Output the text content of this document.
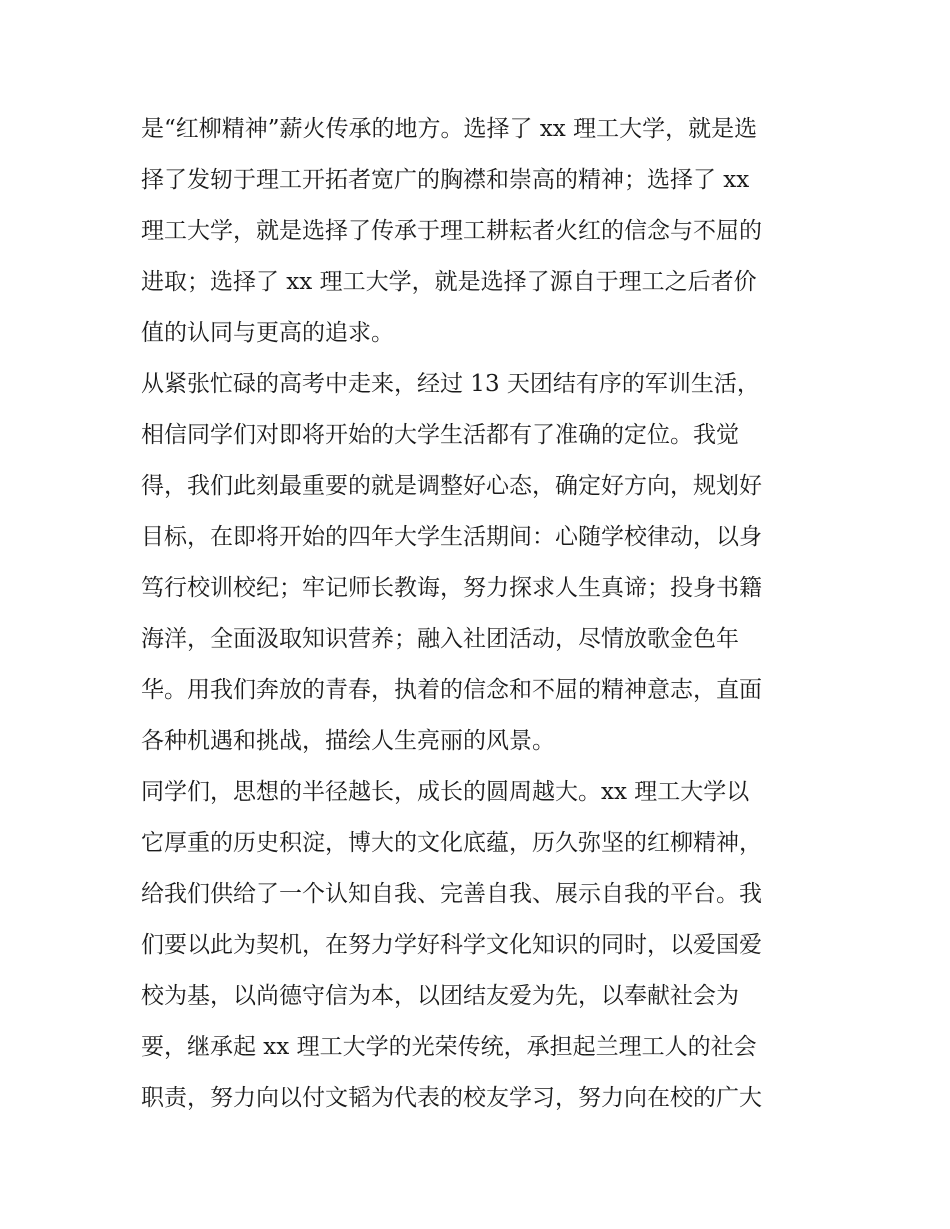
是“红柳精神”薪火传承的地方。选择了 xx 理工大学，就是选
择了发轫于理工开拓者宽广的胸襟和崇高的精神；选择了 xx
理工大学，就是选择了传承于理工耕耘者火红的信念与不屈的
进取；选择了 xx 理工大学，就是选择了源自于理工之后者价
值的认同与更高的追求。
从紧张忙碌的高考中走来，经过 13 天团结有序的军训生活，
相信同学们对即将开始的大学生活都有了准确的定位。我觉
得，我们此刻最重要的就是调整好心态，确定好方向，规划好
目标，在即将开始的四年大学生活期间：心随学校律动，以身
笃行校训校纪；牢记师长教诲，努力探求人生真谛；投身书籍
海洋，全面汲取知识营养；融入社团活动，尽情放歌金色年
华。用我们奔放的青春，执着的信念和不屈的精神意志，直面
各种机遇和挑战，描绘人生亮丽的风景。
同学们，思想的半径越长，成长的圆周越大。xx 理工大学以
它厚重的历史积淀，博大的文化底蕴，历久弥坚的红柳精神，
给我们供给了一个认知自我、完善自我、展示自我的平台。我
们要以此为契机，在努力学好科学文化知识的同时，以爱国爱
校为基，以尚德守信为本，以团结友爱为先，以奉献社会为
要，继承起 xx 理工大学的光荣传统，承担起兰理工人的社会
职责，努力向以付文韬为代表的校友学习，努力向在校的广大
